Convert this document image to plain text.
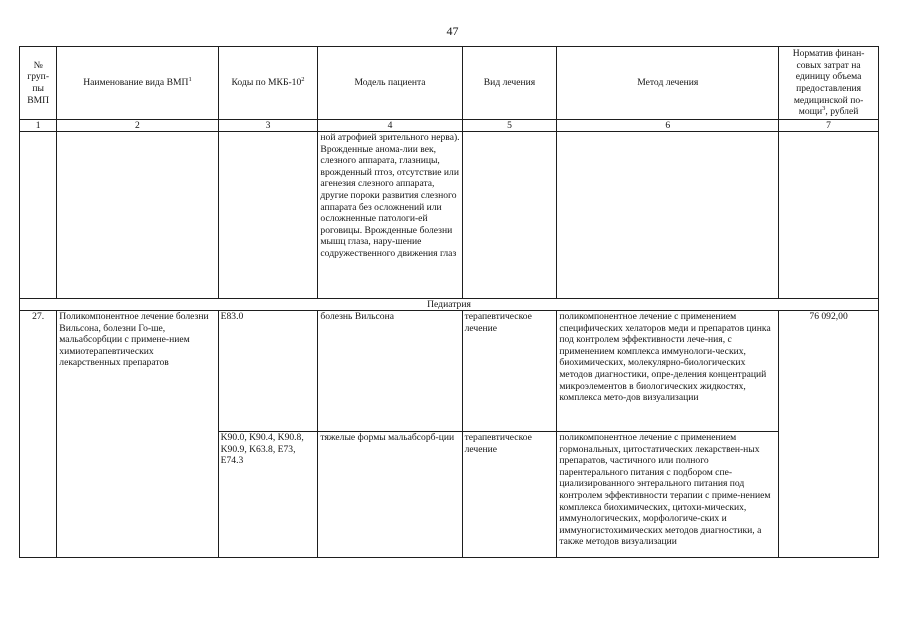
47
№ груп-пы ВМП	Наименование вида ВМП$^1$	Коды по МКБ-$10^2$	Модель пациента	Вид лечения	Метод лечения	Норматив финан-совых затрат на единицу объема предоставления медицинской по-мощи$^3$, рублей
1	2	3	4	5	6	7
			ной атрофией зрительного нерва). Врожденные анома-лии век, слезного аппарата, глазницы, врожденный птоз, отсутствие или агенезия слезного аппарата, другие пороки развития слезного аппарата без осложнений или осложненные патологи-ей роговицы. Врожденные болезни мышц глаза, нару-шение содружественного движения глаз			
Педиатрия						
27.	Поликомпонентное лечение болезни Вильсона, болезни Го-ше, мальабсорбции с примене-нием химиотерапевтических лекарственных препаратов	E83.0	болезнь Вильсона	терапевтическое лечение	поликомпонентное лечение с применением специфических хелаторов меди и препаратов цинка под контролем эффективности лече-ния, с применением комплекса иммунологи-ческих, биохимических, молекулярно-биологических методов диагностики, опре-деления концентраций микроэлементов в биологических жидкостях, комплекса мето-дов визуализации	76 092,00
		K90.0, K90.4, K90.8, K90.9, K63.8, E73, E74.3	тяжелые формы мальабсорб-ции	терапевтическое лечение	поликомпонентное лечение с применением гормональных, цитостатических лекарствен-ных препаратов, частичного или полного парентерального питания с подбором спе-циализированного энтерального питания под контролем эффективности терапии с приме-нением комплекса биохимических, цитохи-мических, иммунологических, морфологиче-ских и иммуногистохимических методов диагностики, а также методов визуализации	
